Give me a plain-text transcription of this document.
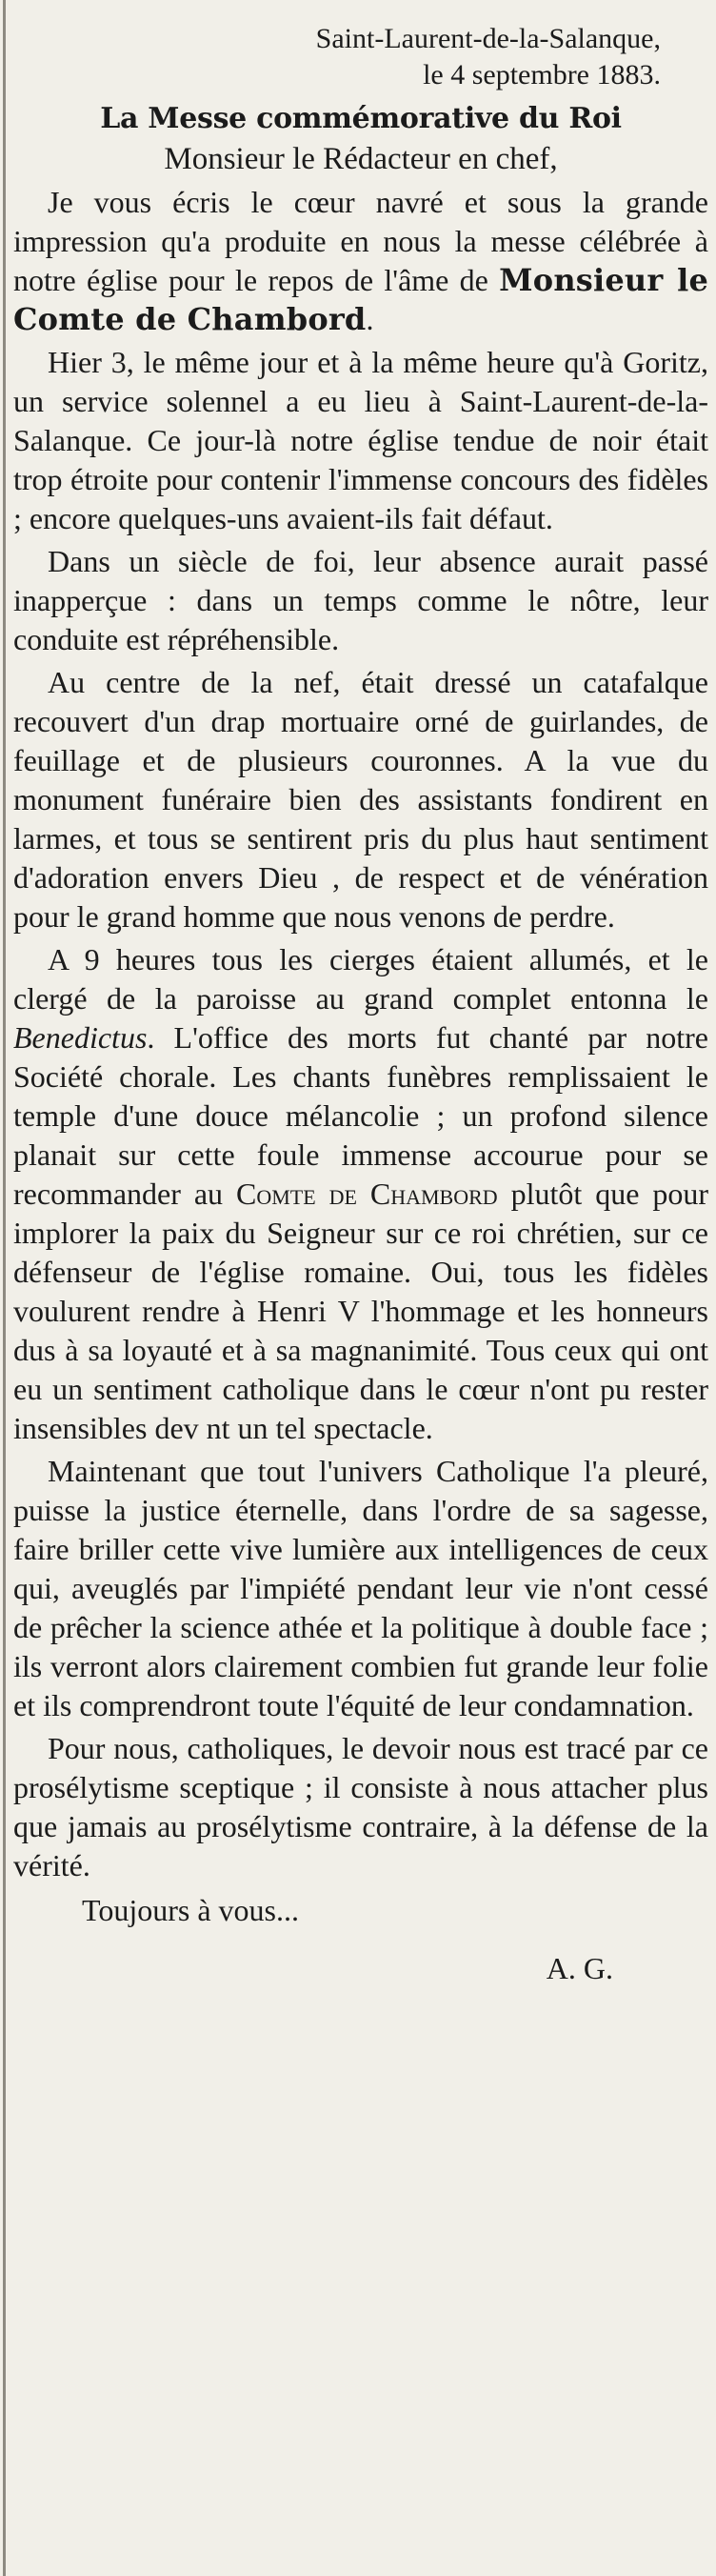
Saint-Laurent-de-la-Salanque,
le 4 septembre 1883.
La Messe commémorative du Roi
Monsieur le Rédacteur en chef,

Je vous écris le cœur navré et sous la grande impression qu'a produite en nous la messe célébrée à notre église pour le repos de l'âme de Monsieur le Comte de Chambord.

Hier 3, le même jour et à la même heure qu'à Goritz, un service solennel a eu lieu à Saint-Laurent-de-la-Salanque. Ce jour-là notre église tendue de noir était trop étroite pour contenir l'immense concours des fidèles ; encore quelques-uns avaient-ils fait défaut.

Dans un siècle de foi, leur absence aurait passé inapperçue : dans un temps comme le nôtre, leur conduite est répréhensible.

Au centre de la nef, était dressé un catafalque recouvert d'un drap mortuaire orné de guirlandes, de feuillage et de plusieurs couronnes. A la vue du monument funéraire bien des assistants fondirent en larmes, et tous se sentirent pris du plus haut sentiment d'adoration envers Dieu , de respect et de vénération pour le grand homme que nous venons de perdre.

A 9 heures tous les cierges étaient allumés, et le clergé de la paroisse au grand complet entonna le Benedictus. L'office des morts fut chanté par notre Société chorale. Les chants funèbres remplissaient le temple d'une douce mélancolie ; un profond silence planait sur cette foule immense accourue pour se recommander au Comte de Chambord plutôt que pour implorer la paix du Seigneur sur ce roi chrétien, sur ce défenseur de l'église romaine. Oui, tous les fidèles voulurent rendre à Henri V l'hommage et les honneurs dus à sa loyauté et à sa magnanimité. Tous ceux qui ont eu un sentiment catholique dans le cœur n'ont pu rester insensibles dev nt un tel spectacle.

Maintenant que tout l'univers Catholique l'a pleuré, puisse la justice éternelle, dans l'ordre de sa sagesse, faire briller cette vive lumière aux intelligences de ceux qui, aveuglés par l'impiété pendant leur vie n'ont cessé de prêcher la science athée et la politique à double face ; ils verront alors clairement combien fut grande leur folie et ils comprendront toute l'équité de leur condamnation.

Pour nous, catholiques, le devoir nous est tracé par ce prosélytisme sceptique ; il consiste à nous attacher plus que jamais au prosélytisme contraire, à la défense de la vérité.

Toujours à vous...
A. G.
